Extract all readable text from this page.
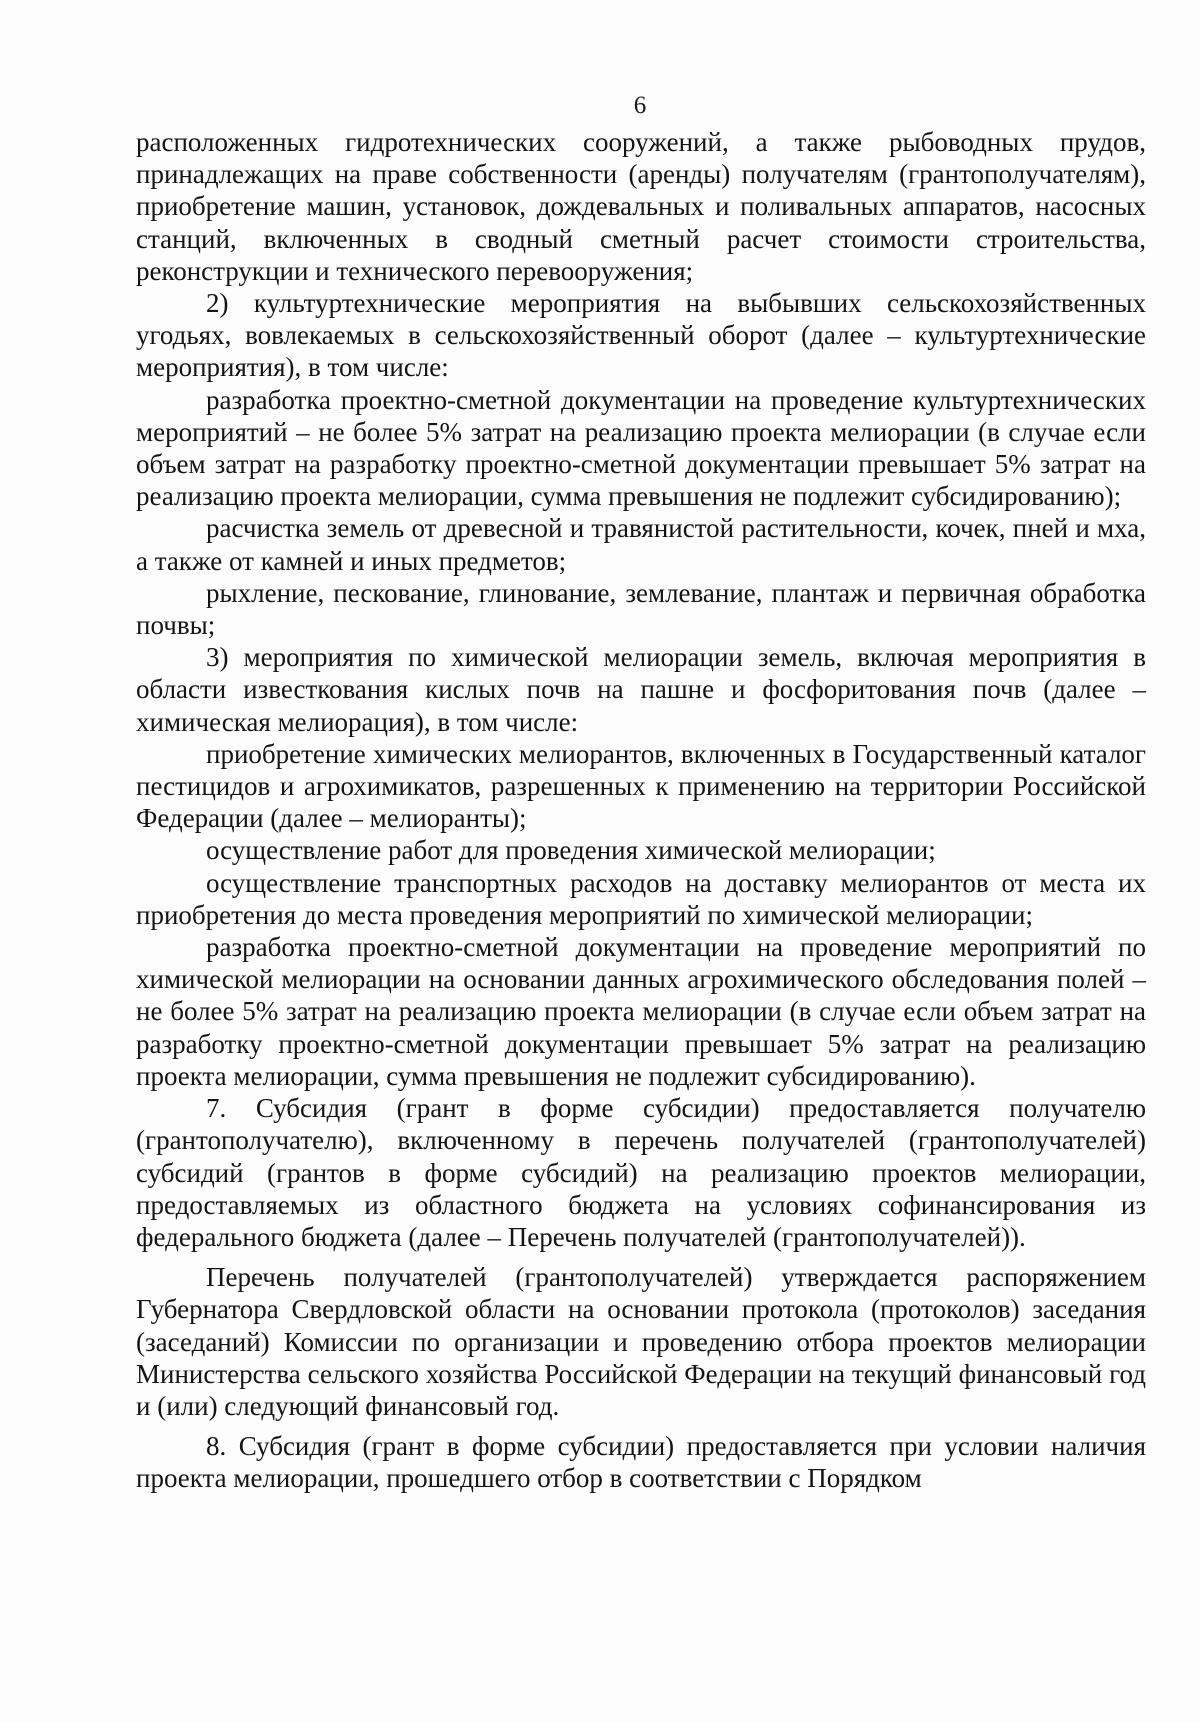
6

расположенных гидротехнических сооружений, а также рыбоводных прудов, принадлежащих на праве собственности (аренды) получателям (грантополучателям), приобретение машин, установок, дождевальных и поливальных аппаратов, насосных станций, включенных в сводный сметный расчет стоимости строительства, реконструкции и технического перевооружения;

2) культуртехнические мероприятия на выбывших сельскохозяйственных угодьях, вовлекаемых в сельскохозяйственный оборот (далее – культуртехнические мероприятия), в том числе:

разработка проектно-сметной документации на проведение культуртехнических мероприятий – не более 5% затрат на реализацию проекта мелиорации (в случае если объем затрат на разработку проектно-сметной документации превышает 5% затрат на реализацию проекта мелиорации, сумма превышения не подлежит субсидированию);

расчистка земель от древесной и травянистой растительности, кочек, пней и мха, а также от камней и иных предметов;

рыхление, пескование, глинование, землевание, плантаж и первичная обработка почвы;

3) мероприятия по химической мелиорации земель, включая мероприятия в области известкования кислых почв на пашне и фосфоритования почв (далее – химическая мелиорация), в том числе:

приобретение химических мелиорантов, включенных в Государственный каталог пестицидов и агрохимикатов, разрешенных к применению на территории Российской Федерации (далее – мелиоранты);

осуществление работ для проведения химической мелиорации;

осуществление транспортных расходов на доставку мелиорантов от места их приобретения до места проведения мероприятий по химической мелиорации;

разработка проектно-сметной документации на проведение мероприятий по химической мелиорации на основании данных агрохимического обследования полей – не более 5% затрат на реализацию проекта мелиорации (в случае если объем затрат на разработку проектно-сметной документации превышает 5% затрат на реализацию проекта мелиорации, сумма превышения не подлежит субсидированию).

7. Субсидия (грант в форме субсидии) предоставляется получателю (грантополучателю), включенному в перечень получателей (грантополучателей) субсидий (грантов в форме субсидий) на реализацию проектов мелиорации, предоставляемых из областного бюджета на условиях софинансирования из федерального бюджета (далее – Перечень получателей (грантополучателей)).

Перечень получателей (грантополучателей) утверждается распоряжением Губернатора Свердловской области на основании протокола (протоколов) заседания (заседаний) Комиссии по организации и проведению отбора проектов мелиорации Министерства сельского хозяйства Российской Федерации на текущий финансовый год и (или) следующий финансовый год.

8. Субсидия (грант в форме субсидии) предоставляется при условии наличия проекта мелиорации, прошедшего отбор в соответствии с Порядком
